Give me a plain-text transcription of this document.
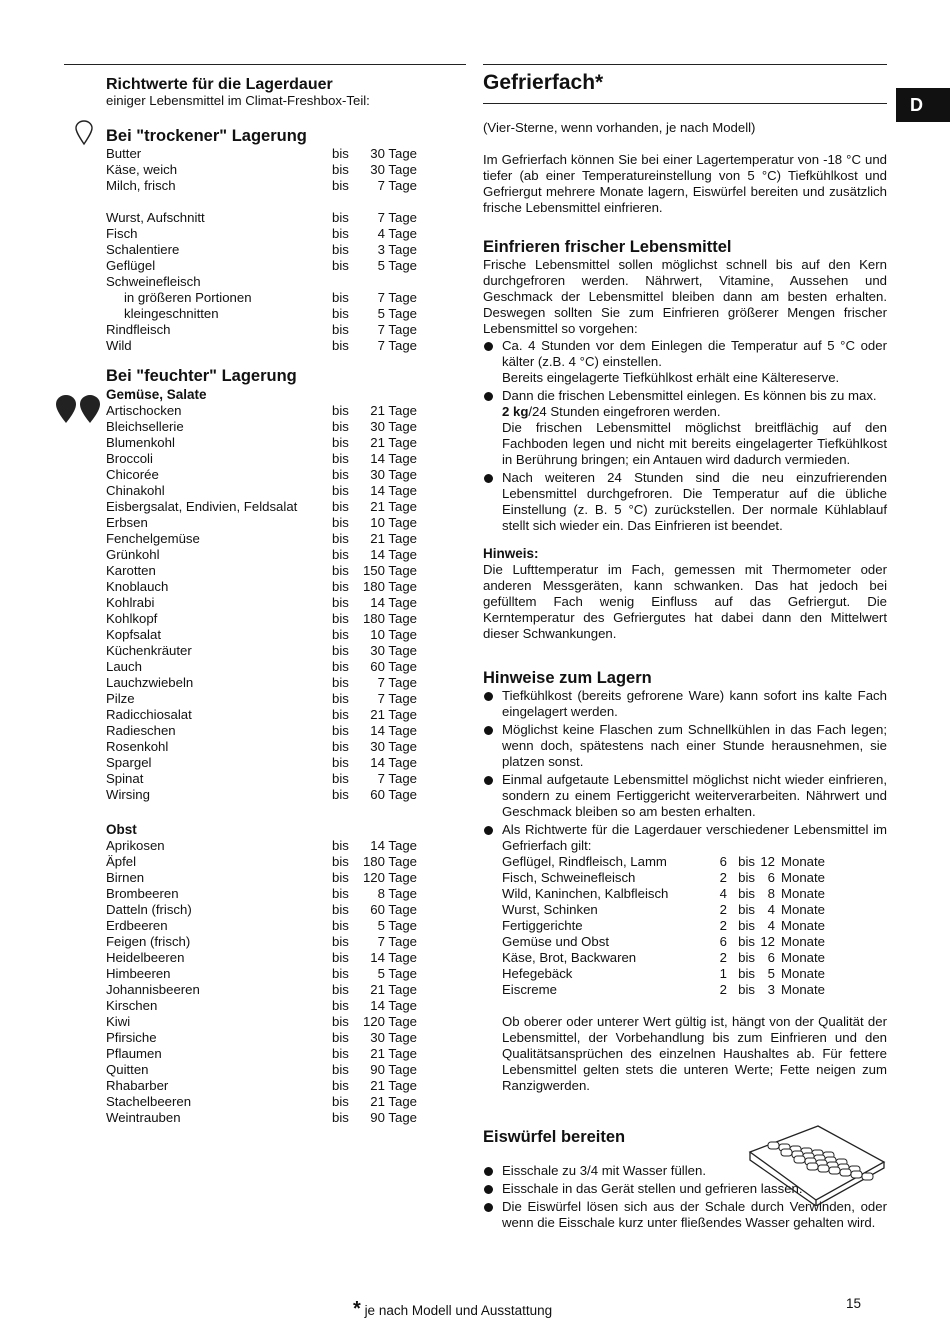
D
Richtwerte für die Lagerdauer
einiger Lebensmittel im Climat-Freshbox-Teil:
Bei "trockener" Lagerung
Butter	bis	30 Tage
Käse, weich	bis	30 Tage
Milch, frisch	bis	7 Tage
Wurst, Aufschnitt	bis	7 Tage
Fisch	bis	4 Tage
Schalentiere	bis	3 Tage
Geflügel	bis	5 Tage
Schweinefleisch
in größeren Portionen	bis	7 Tage
kleingeschnitten	bis	5 Tage
Rindfleisch	bis	7 Tage
Wild	bis	7 Tage
Bei "feuchter" Lagerung
Gemüse, Salate
Artischocken	bis	21 Tage
Bleichsellerie	bis	30 Tage
Blumenkohl	bis	21 Tage
Broccoli	bis	14 Tage
Chicorée	bis	30 Tage
Chinakohl	bis	14 Tage
Eisbergsalat, Endivien, Feldsalat	bis	21 Tage
Erbsen	bis	10 Tage
Fenchelgemüse	bis	21 Tage
Grünkohl	bis	14 Tage
Karotten	bis	150 Tage
Knoblauch	bis	180 Tage
Kohlrabi	bis	14 Tage
Kohlkopf	bis	180 Tage
Kopfsalat	bis	10 Tage
Küchenkräuter	bis	30 Tage
Lauch	bis	60 Tage
Lauchzwiebeln	bis	7 Tage
Pilze	bis	7 Tage
Radicchiosalat	bis	21 Tage
Radieschen	bis	14 Tage
Rosenkohl	bis	30 Tage
Spargel	bis	14 Tage
Spinat	bis	7 Tage
Wirsing	bis	60 Tage
Obst
Aprikosen	bis	14 Tage
Äpfel	bis	180 Tage
Birnen	bis	120 Tage
Brombeeren	bis	8 Tage
Datteln (frisch)	bis	60 Tage
Erdbeeren	bis	5 Tage
Feigen (frisch)	bis	7 Tage
Heidelbeeren	bis	14 Tage
Himbeeren	bis	5 Tage
Johannisbeeren	bis	21 Tage
Kirschen	bis	14 Tage
Kiwi	bis	120 Tage
Pfirsiche	bis	30 Tage
Pflaumen	bis	21 Tage
Quitten	bis	90 Tage
Rhabarber	bis	21 Tage
Stachelbeeren	bis	21 Tage
Weintrauben	bis	90 Tage
Gefrierfach*
(Vier-Sterne, wenn vorhanden, je nach Modell)
Im Gefrierfach können Sie bei einer Lagertemperatur von -18 °C und tiefer (ab einer Temperatureinstellung von 5 °C) Tiefkühlkost und Gefriergut mehrere Monate lagern, Eiswürfel bereiten und zusätzlich frische Lebensmittel einfrieren.
Einfrieren frischer Lebensmittel
Frische Lebensmittel sollen möglichst schnell bis auf den Kern durchgefroren werden. Nährwert, Vitamine, Aussehen und Geschmack der Lebensmittel bleiben dann am besten erhalten. Deswegen sollten Sie zum Einfrieren größerer Mengen frischer Lebensmittel so vorgehen:
Ca. 4 Stunden vor dem Einlegen die Temperatur auf 5 °C oder kälter (z.B. 4 °C) einstellen.
Bereits eingelagerte Tiefkühlkost erhält eine Kältereserve.
Dann die frischen Lebensmittel einlegen. Es können bis zu max.
2 kg/24 Stunden eingefroren werden.
Die frischen Lebensmittel möglichst breitflächig auf den Fachboden legen und nicht mit bereits eingelagerter Tiefkühlkost in Berührung bringen; ein Antauen wird dadurch vermieden.
Nach weiteren 24 Stunden sind die neu einzufrierenden Lebensmittel durchgefroren. Die Temperatur auf die übliche Einstellung (z. B. 5 °C) zurückstellen. Der normale Kühlablauf stellt sich wieder ein. Das Einfrieren ist beendet.
Hinweis:
Die Lufttemperatur im Fach, gemessen mit Thermometer oder anderen Messgeräten, kann schwanken. Das hat jedoch bei gefülltem Fach wenig Einfluss auf das Gefriergut. Die Kerntemperatur des Gefriergutes hat dabei dann den Mittelwert dieser Schwankungen.
Hinweise zum Lagern
Tiefkühlkost (bereits gefrorene Ware) kann sofort ins kalte Fach eingelagert werden.
Möglichst keine Flaschen zum Schnellkühlen in das Fach legen; wenn doch, spätestens nach einer Stunde herausnehmen, sie platzen sonst.
Einmal aufgetaute Lebensmittel möglichst nicht wieder einfrieren, sondern zu einem Fertiggericht weiterverarbeiten. Nährwert und Geschmack bleiben so am besten erhalten.
Als Richtwerte für die Lagerdauer verschiedener Lebensmittel im Gefrierfach gilt:
Geflügel, Rindfleisch, Lamm	6 bis 12 Monate
Fisch, Schweinefleisch	2 bis 6 Monate
Wild, Kaninchen, Kalbfleisch	4 bis 8 Monate
Wurst, Schinken	2 bis 4 Monate
Fertiggerichte	2 bis 4 Monate
Gemüse und Obst	6 bis 12 Monate
Käse, Brot, Backwaren	2 bis 6 Monate
Hefegebäck	1 bis 5 Monate
Eiscreme	2 bis 3 Monate
Ob oberer oder unterer Wert gültig ist, hängt von der Qualität der Lebensmittel, der Vorbehandlung bis zum Einfrieren und den Qualitätsansprüchen des einzelnen Haushaltes ab. Für fettere Lebensmittel gelten stets die unteren Werte; Fette neigen zum Ranzigwerden.
Eiswürfel bereiten
Eisschale zu 3/4 mit Wasser füllen.
Eisschale in das Gerät stellen und gefrieren lassen.
Die Eiswürfel lösen sich aus der Schale durch Verwinden, oder wenn die Eisschale kurz unter fließendes Wasser gehalten wird.
* je nach Modell und Ausstattung	15
